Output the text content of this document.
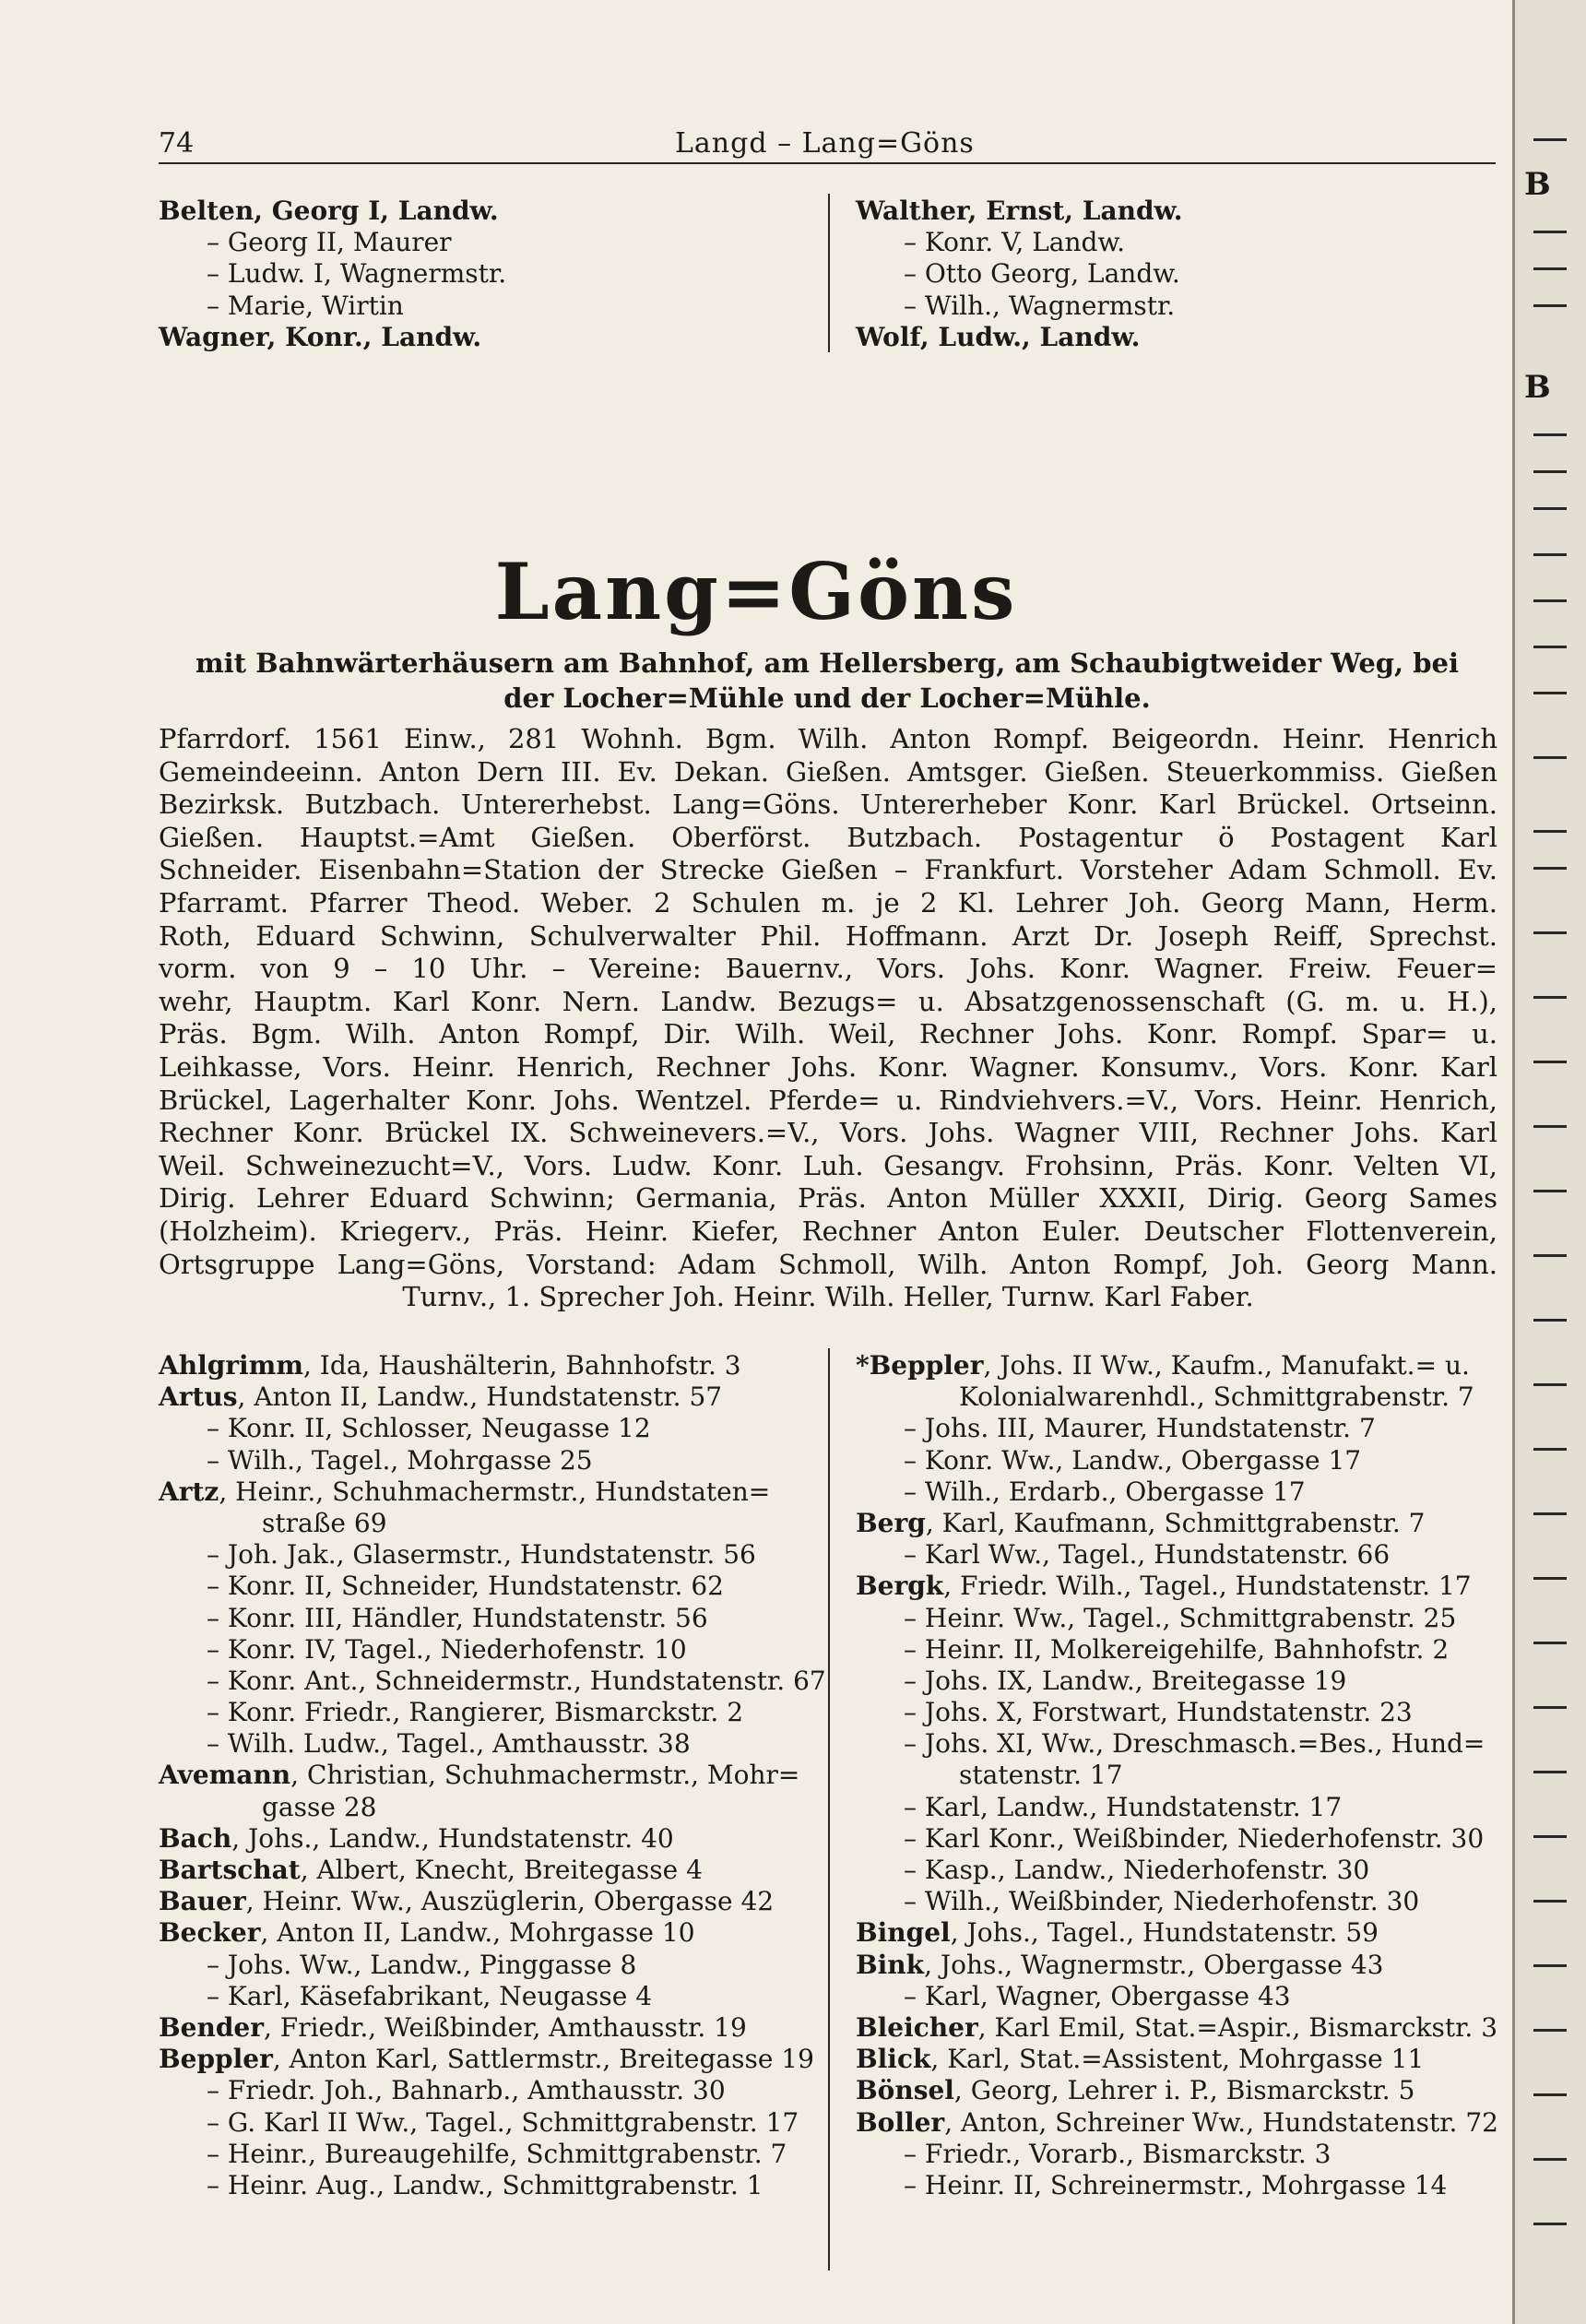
74	Langd – Lang=Göns
Belten, Georg I, Landw.
– Georg II, Maurer
– Ludw. I, Wagnermstr.
– Marie, Wirtin
Wagner, Konr., Landw.
Walther, Ernst, Landw.
– Konr. V, Landw.
– Otto Georg, Landw.
– Wilh., Wagnermstr.
Wolf, Ludw., Landw.
Lang=Göns
mit Bahnwärterhäusern am Bahnhof, am Hellersberg, am Schaubigtweider Weg, bei
der Locher=Mühle und der Locher=Mühle.
Pfarrdorf. 1561 Einw., 281 Wohnh. Bgm. Wilh. Anton Rompf. Beigeordn. Heinr. Henrich
Gemeindeeinn. Anton Dern III. Ev. Dekan. Gießen. Amtsger. Gießen. Steuerkommiss. Gießen
Bezirksk. Butzbach. Untererhebst. Lang=Göns. Untererheber Konr. Karl Brückel. Ortseinn.
Gießen. Hauptst.=Amt Gießen. Oberförst. Butzbach. Postagentur ö Postagent Karl
Schneider. Eisenbahn=Station der Strecke Gießen – Frankfurt. Vorsteher Adam Schmoll. Ev.
Pfarramt. Pfarrer Theod. Weber. 2 Schulen m. je 2 Kl. Lehrer Joh. Georg Mann, Herm.
Roth, Eduard Schwinn, Schulverwalter Phil. Hoffmann. Arzt Dr. Joseph Reiff, Sprechst.
vorm. von 9 – 10 Uhr. – Vereine: Bauernv., Vors. Johs. Konr. Wagner. Freiw. Feuer=
wehr, Hauptm. Karl Konr. Nern. Landw. Bezugs= u. Absatzgenossenschaft (G. m. u. H.),
Präs. Bgm. Wilh. Anton Rompf, Dir. Wilh. Weil, Rechner Johs. Konr. Rompf. Spar= u.
Leihkasse, Vors. Heinr. Henrich, Rechner Johs. Konr. Wagner. Konsumv., Vors. Konr. Karl
Brückel, Lagerhalter Konr. Johs. Wentzel. Pferde= u. Rindviehvers.=V., Vors. Heinr. Henrich,
Rechner Konr. Brückel IX. Schweinevers.=V., Vors. Johs. Wagner VIII, Rechner Johs. Karl
Weil. Schweinezucht=V., Vors. Ludw. Konr. Luh. Gesangv. Frohsinn, Präs. Konr. Velten VI,
Dirig. Lehrer Eduard Schwinn; Germania, Präs. Anton Müller XXXII, Dirig. Georg Sames
(Holzheim). Kriegerv., Präs. Heinr. Kiefer, Rechner Anton Euler. Deutscher Flottenverein,
Ortsgruppe Lang=Göns, Vorstand: Adam Schmoll, Wilh. Anton Rompf, Joh. Georg Mann.
Turnv., 1. Sprecher Joh. Heinr. Wilh. Heller, Turnw. Karl Faber.
Ahlgrimm, Ida, Haushälterin, Bahnhofstr. 3
Artus, Anton II, Landw., Hundstatenstr. 57
– Konr. II, Schlosser, Neugasse 12
– Wilh., Tagel., Mohrgasse 25
Artz, Heinr., Schuhmachermstr., Hundstaten=
straße 69
– Joh. Jak., Glasermstr., Hundstatenstr. 56
– Konr. II, Schneider, Hundstatenstr. 62
– Konr. III, Händler, Hundstatenstr. 56
– Konr. IV, Tagel., Niederhofenstr. 10
– Konr. Ant., Schneidermstr., Hundstatenstr. 67
– Konr. Friedr., Rangierer, Bismarckstr. 2
– Wilh. Ludw., Tagel., Amthausstr. 38
Avemann, Christian, Schuhmachermstr., Mohr=
gasse 28
Bach, Johs., Landw., Hundstatenstr. 40
Bartschat, Albert, Knecht, Breitegasse 4
Bauer, Heinr. Ww., Auszüglerin, Obergasse 42
Becker, Anton II, Landw., Mohrgasse 10
– Johs. Ww., Landw., Pinggasse 8
– Karl, Käsefabrikant, Neugasse 4
Bender, Friedr., Weißbinder, Amthausstr. 19
Beppler, Anton Karl, Sattlermstr., Breitegasse 19
– Friedr. Joh., Bahnarb., Amthausstr. 30
– G. Karl II Ww., Tagel., Schmittgrabenstr. 17
– Heinr., Bureaugehilfe, Schmittgrabenstr. 7
– Heinr. Aug., Landw., Schmittgrabenstr. 1
*Beppler, Johs. II Ww., Kaufm., Manufakt.= u.
Kolonialwarenhdl., Schmittgrabenstr. 7
– Johs. III, Maurer, Hundstatenstr. 7
– Konr. Ww., Landw., Obergasse 17
– Wilh., Erdarb., Obergasse 17
Berg, Karl, Kaufmann, Schmittgrabenstr. 7
– Karl Ww., Tagel., Hundstatenstr. 66
Bergk, Friedr. Wilh., Tagel., Hundstatenstr. 17
– Heinr. Ww., Tagel., Schmittgrabenstr. 25
– Heinr. II, Molkereigehilfe, Bahnhofstr. 2
– Johs. IX, Landw., Breitegasse 19
– Johs. X, Forstwart, Hundstatenstr. 23
– Johs. XI, Ww., Dreschmasch.=Bes., Hund=
statenstr. 17
– Karl, Landw., Hundstatenstr. 17
– Karl Konr., Weißbinder, Niederhofenstr. 30
– Kasp., Landw., Niederhofenstr. 30
– Wilh., Weißbinder, Niederhofenstr. 30
Bingel, Johs., Tagel., Hundstatenstr. 59
Bink, Johs., Wagnermstr., Obergasse 43
– Karl, Wagner, Obergasse 43
Bleicher, Karl Emil, Stat.=Aspir., Bismarckstr. 3
Blick, Karl, Stat.=Assistent, Mohrgasse 11
Bönsel, Georg, Lehrer i. P., Bismarckstr. 5
Boller, Anton, Schreiner Ww., Hundstatenstr. 72
– Friedr., Vorarb., Bismarckstr. 3
– Heinr. II, Schreinermstr., Mohrgasse 14
B
B
